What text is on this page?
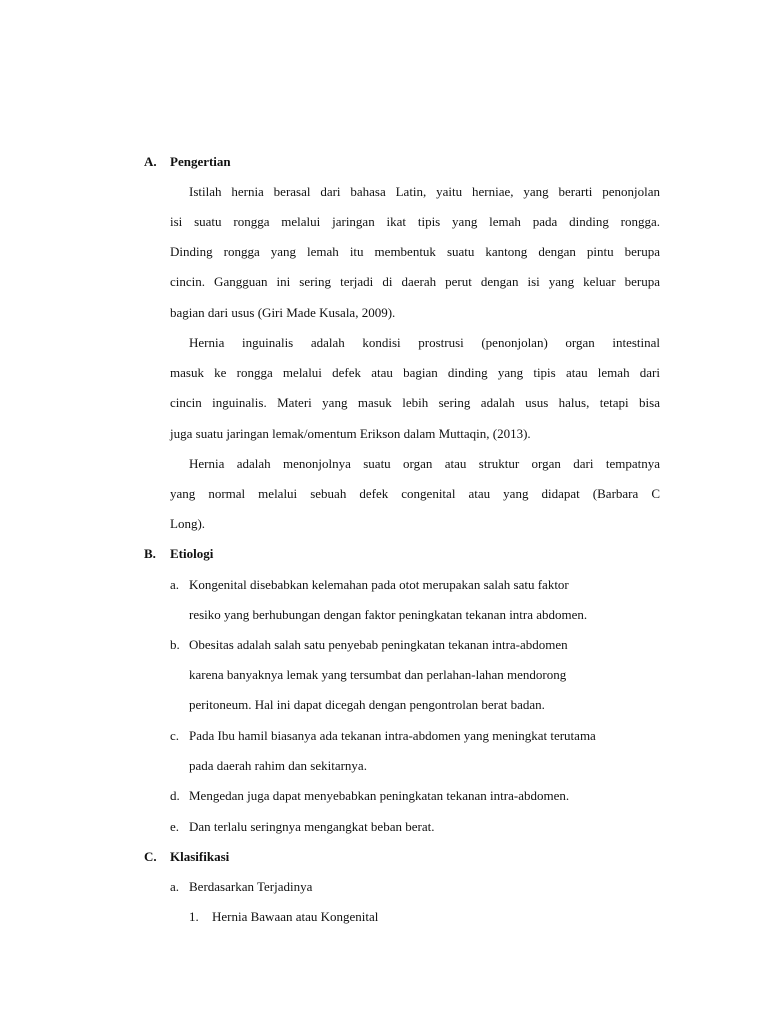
A. Pengertian
Istilah hernia berasal dari bahasa Latin, yaitu herniae, yang berarti penonjolan
isi suatu rongga melalui jaringan ikat tipis yang lemah pada dinding rongga.
Dinding rongga yang lemah itu membentuk suatu kantong dengan pintu berupa
cincin. Gangguan ini sering terjadi di daerah perut dengan isi yang keluar berupa
bagian dari usus (Giri Made Kusala, 2009).
Hernia inguinalis adalah kondisi prostrusi (penonjolan) organ intestinal
masuk ke rongga melalui defek atau bagian dinding yang tipis atau lemah dari
cincin inguinalis. Materi yang masuk lebih sering adalah usus halus, tetapi bisa
juga suatu jaringan lemak/omentum Erikson dalam Muttaqin, (2013).
Hernia adalah menonjolnya suatu organ atau struktur organ dari tempatnya
yang normal melalui sebuah defek congenital atau yang didapat (Barbara C
Long).
B. Etiologi
a. Kongenital disebabkan kelemahan pada otot merupakan salah satu faktor
resiko yang berhubungan dengan faktor peningkatan tekanan intra abdomen.
b. Obesitas adalah salah satu penyebab peningkatan tekanan intra-abdomen
karena banyaknya lemak yang tersumbat dan perlahan-lahan mendorong
peritoneum. Hal ini dapat dicegah dengan pengontrolan berat badan.
c. Pada Ibu hamil biasanya ada tekanan intra-abdomen yang meningkat terutama
pada daerah rahim dan sekitarnya.
d. Mengedan juga dapat menyebabkan peningkatan tekanan intra-abdomen.
e. Dan terlalu seringnya mengangkat beban berat.
C. Klasifikasi
a. Berdasarkan Terjadinya
1. Hernia Bawaan atau Kongenital
